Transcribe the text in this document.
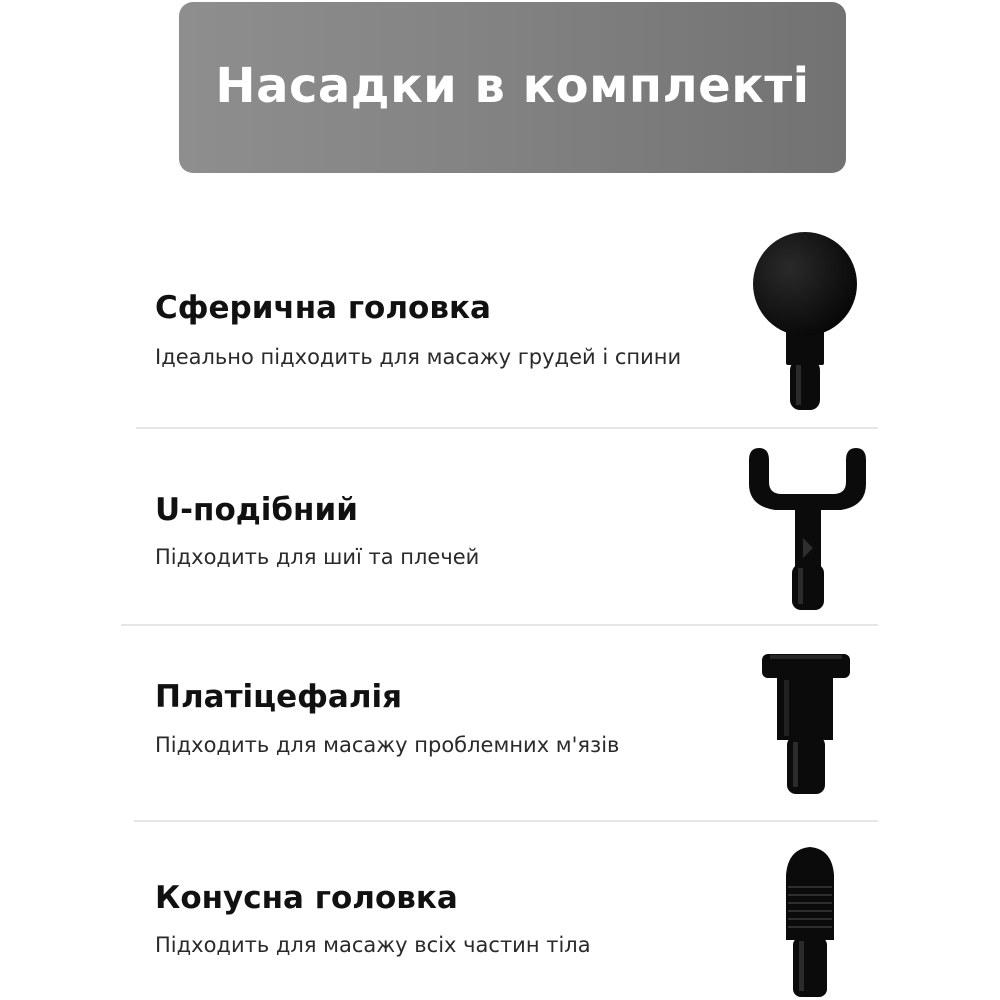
Насадки в комплекті
Сферична головка
Ідеально підходить для масажу грудей і спини
U-подібний
Підходить для шиї та плечей
Платіцефалія
Підходить для масажу проблемних м'язів
Конусна головка
Підходить для масажу всіх частин тіла
